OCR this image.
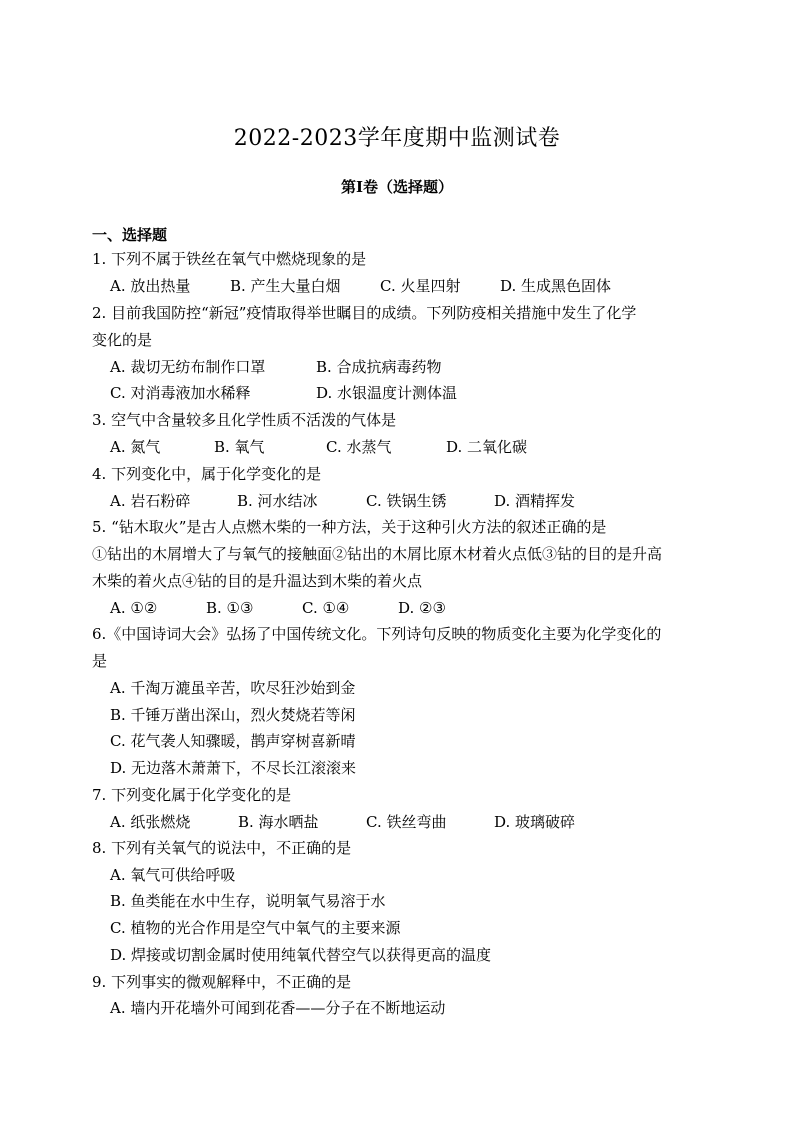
2022-2023学年度期中监测试卷
第Ⅰ卷（选择题）
一、选择题
1. 下列不属于铁丝在氧气中燃烧现象的是
A. 放出热量	B. 产生大量白烟	C. 火星四射	D. 生成黑色固体
2. 目前我国防控“新冠”疫情取得举世瞩目的成绩。下列防疫相关措施中发生了化学
变化的是
A. 裁切无纺布制作口罩	B. 合成抗病毒药物
C. 对消毒液加水稀释	D. 水银温度计测体温
3. 空气中含量较多且化学性质不活泼的气体是
A. 氮气	B. 氧气	C. 水蒸气	D. 二氧化碳
4. 下列变化中，属于化学变化的是
A. 岩石粉碎	B. 河水结冰	C. 铁锅生锈	D. 酒精挥发
5. “钻木取火”是古人点燃木柴的一种方法，关于这种引火方法的叙述正确的是
①钻出的木屑增大了与氧气的接触面②钻出的木屑比原木材着火点低③钻的目的是升高
木柴的着火点④钻的目的是升温达到木柴的着火点
A. ①②	B. ①③	C. ①④	D. ②③
6.《中国诗词大会》弘扬了中国传统文化。下列诗句反映的物质变化主要为化学变化的
是
A. 千淘万漉虽辛苦，吹尽狂沙始到金
B. 千锤万凿出深山，烈火焚烧若等闲
C. 花气袭人知骤暖，鹊声穿树喜新晴
D. 无边落木萧萧下，不尽长江滚滚来
7. 下列变化属于化学变化的是
A. 纸张燃烧	B. 海水晒盐	C. 铁丝弯曲	D. 玻璃破碎
8. 下列有关氧气的说法中，不正确的是
A. 氧气可供给呼吸
B. 鱼类能在水中生存，说明氧气易溶于水
C. 植物的光合作用是空气中氧气的主要来源
D. 焊接或切割金属时使用纯氧代替空气以获得更高的温度
9. 下列事实的微观解释中，不正确的是
A. 墙内开花墙外可闻到花香——分子在不断地运动
